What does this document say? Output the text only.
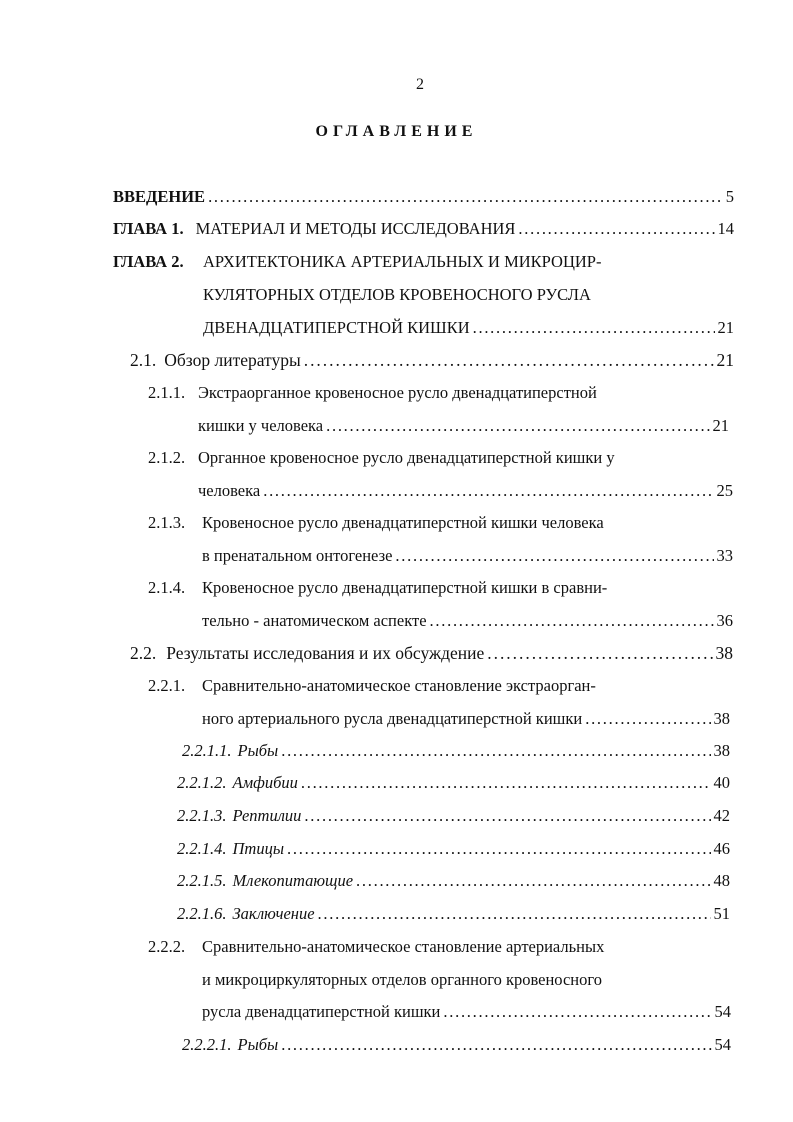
2
ОГЛАВЛЕНИЕ
ВВЕДЕНИЕ . . .	5
ГЛАВА 1. МАТЕРИАЛ И МЕТОДЫ ИССЛЕДОВАНИЯ . . .	14
ГЛАВА 2. АРХИТЕКТОНИКА АРТЕРИАЛЬНЫХ И МИКРОЦИР-
КУЛЯТОРНЫХ ОТДЕЛОВ КРОВЕНОСНОГО РУСЛА
ДВЕНАДЦАТИПЕРСТНОЙ КИШКИ . . .	21
2.1. Обзор литературы . . .	21
2.1.1. Экстраорганное кровеносное русло двенадцатиперстной
кишки у человека . . .	21
2.1.2. Органное кровеносное русло двенадцатиперстной кишки у
человека . . .	25
2.1.3. Кровеносное русло двенадцатиперстной кишки человека
в пренатальном онтогенезе . . .	33
2.1.4. Кровеносное русло двенадцатиперстной кишки в сравни-
тельно - анатомическом аспекте . . .	36
2.2. Результаты исследования и их обсуждение . . .	38
2.2.1. Сравнительно-анатомическое становление экстраорган-
ного артериального русла двенадцатиперстной кишки . . .	38
2.2.1.1. Рыбы . . .	38
2.2.1.2. Амфибии . . .	40
2.2.1.3. Рептилии . . .	42
2.2.1.4. Птицы . . .	46
2.2.1.5. Млекопитающие . . .	48
2.2.1.6. Заключение . . .	51
2.2.2. Сравнительно-анатомическое становление артериальных
и микроциркуляторных отделов органного кровеносного
русла двенадцатиперстной кишки . . .	54
2.2.2.1. Рыбы . . .	54
